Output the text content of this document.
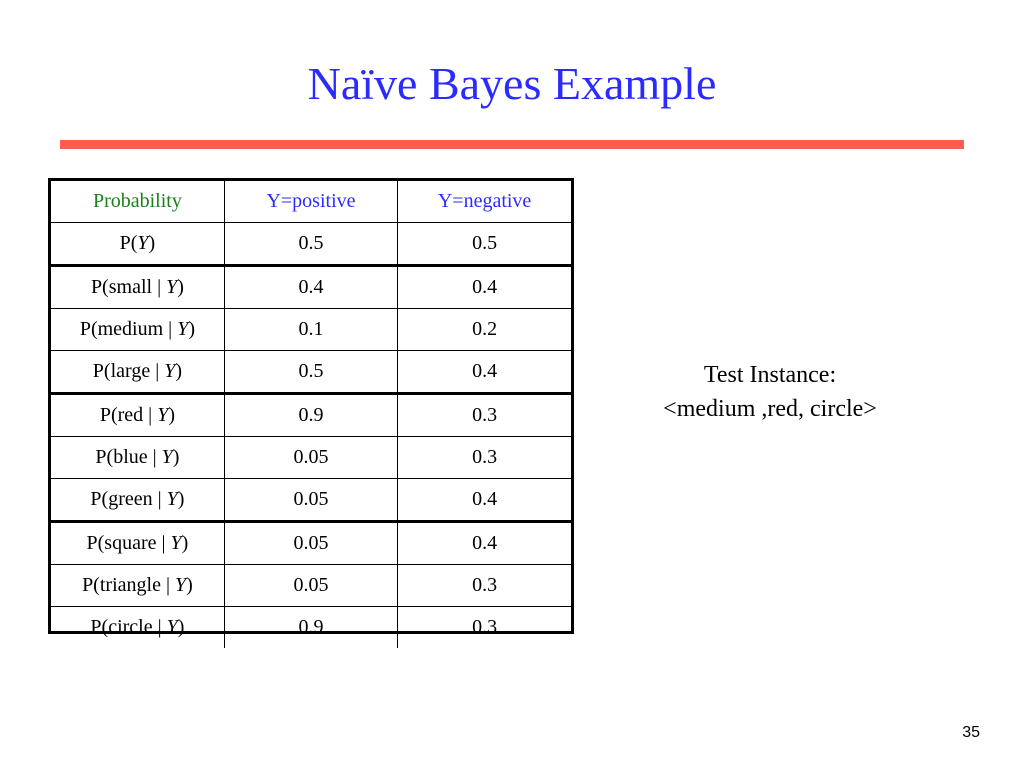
Naïve Bayes Example
Probability	Y=positive	Y=negative
P(Y)	0.5	0.5
P(small | Y)	0.4	0.4
P(medium | Y)	0.1	0.2
P(large | Y)	0.5	0.4
P(red | Y)	0.9	0.3
P(blue | Y)	0.05	0.3
P(green | Y)	0.05	0.4
P(square | Y)	0.05	0.4
P(triangle | Y)	0.05	0.3
P(circle | Y)	0.9	0.3
Test Instance:
<medium ,red, circle>
35
